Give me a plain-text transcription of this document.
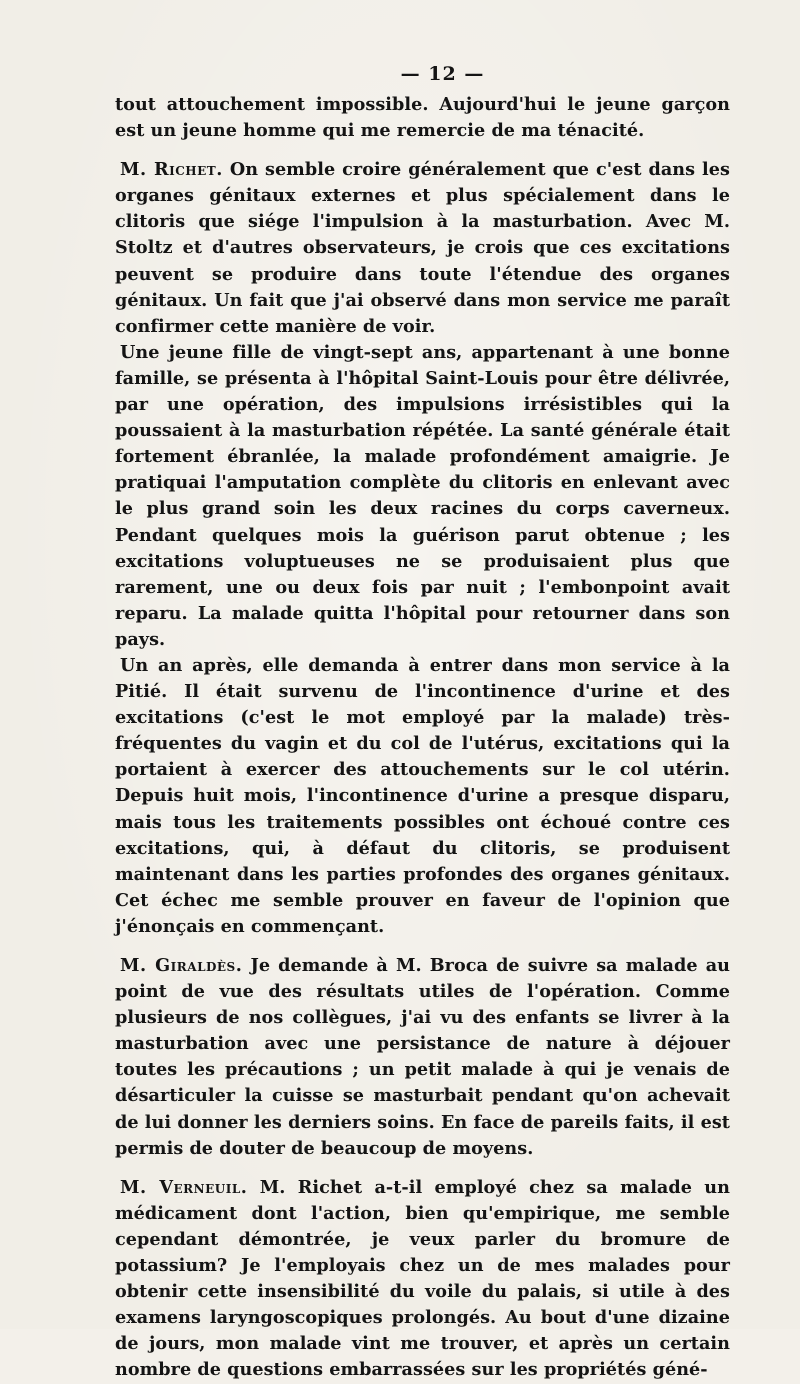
— 12 —

tout attouchement impossible. Aujourd'hui le jeune garçon est un jeune homme qui me remercie de ma ténacité.

M. Richet. On semble croire généralement que c'est dans les organes génitaux externes et plus spécialement dans le clitoris que siége l'impulsion à la masturbation. Avec M. Stoltz et d'autres observateurs, je crois que ces excitations peuvent se produire dans toute l'étendue des organes génitaux. Un fait que j'ai observé dans mon service me paraît confirmer cette manière de voir.

Une jeune fille de vingt-sept ans, appartenant à une bonne famille, se présenta à l'hôpital Saint-Louis pour être délivrée, par une opération, des impulsions irrésistibles qui la poussaient à la masturbation répétée. La santé générale était fortement ébranlée, la malade profondément amaigrie. Je pratiquai l'amputation complète du clitoris en enlevant avec le plus grand soin les deux racines du corps caverneux. Pendant quelques mois la guérison parut obtenue ; les excitations voluptueuses ne se produisaient plus que rarement, une ou deux fois par nuit ; l'embonpoint avait reparu. La malade quitta l'hôpital pour retourner dans son pays.

Un an après, elle demanda à entrer dans mon service à la Pitié. Il était survenu de l'incontinence d'urine et des excitations (c'est le mot employé par la malade) très-fréquentes du vagin et du col de l'utérus, excitations qui la portaient à exercer des attouchements sur le col utérin. Depuis huit mois, l'incontinence d'urine a presque disparu, mais tous les traitements possibles ont échoué contre ces excitations, qui, à défaut du clitoris, se produisent maintenant dans les parties profondes des organes génitaux. Cet échec me semble prouver en faveur de l'opinion que j'énonçais en commençant.

M. Giraldès. Je demande à M. Broca de suivre sa malade au point de vue des résultats utiles de l'opération. Comme plusieurs de nos collègues, j'ai vu des enfants se livrer à la masturbation avec une persistance de nature à déjouer toutes les précautions ; un petit malade à qui je venais de désarticuler la cuisse se masturbait pendant qu'on achevait de lui donner les derniers soins. En face de pareils faits, il est permis de douter de beaucoup de moyens.

M. Verneuil. M. Richet a-t-il employé chez sa malade un médicament dont l'action, bien qu'empirique, me semble cependant démontrée, je veux parler du bromure de potassium? Je l'employais chez un de mes malades pour obtenir cette insensibilité du voile du palais, si utile à des examens laryngoscopiques prolongés. Au bout d'une dizaine de jours, mon malade vint me trouver, et après un certain nombre de questions embarrassées sur les propriétés géné-
